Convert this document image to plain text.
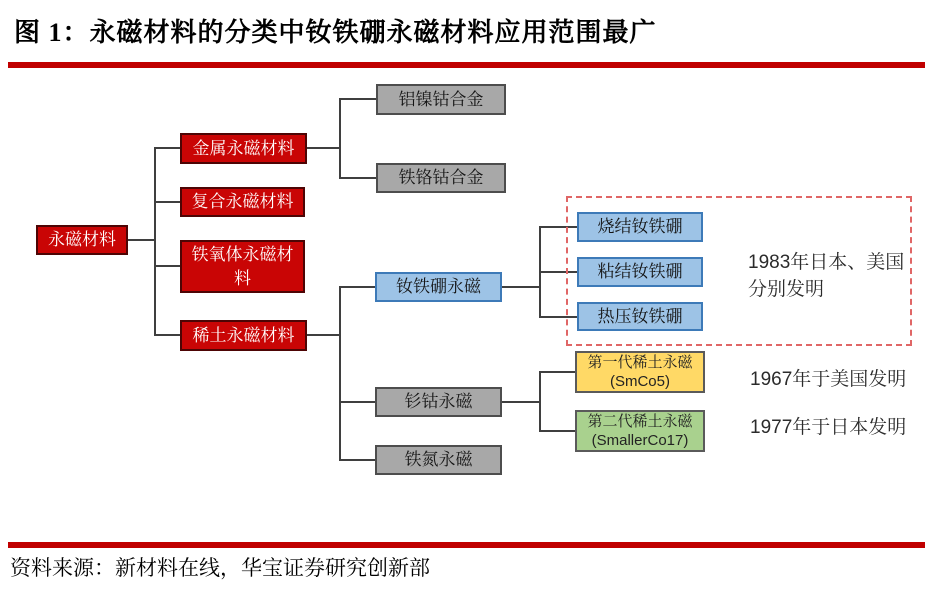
图 1：永磁材料的分类中钕铁硼永磁材料应用范围最广
永磁材料
金属永磁材料
复合永磁材料
铁氧体永磁材料
稀土永磁材料
铝镍钴合金
铁铬钴合金
钕铁硼永磁
钐钴永磁
铁氮永磁
烧结钕铁硼
粘结钕铁硼
热压钕铁硼
第一代稀土永磁
(SmCo5)
第二代稀土永磁
(SmallerCo17)
1983年日本、美国
分别发明
1967年于美国发明
1977年于日本发明
资料来源：新材料在线，华宝证券研究创新部
